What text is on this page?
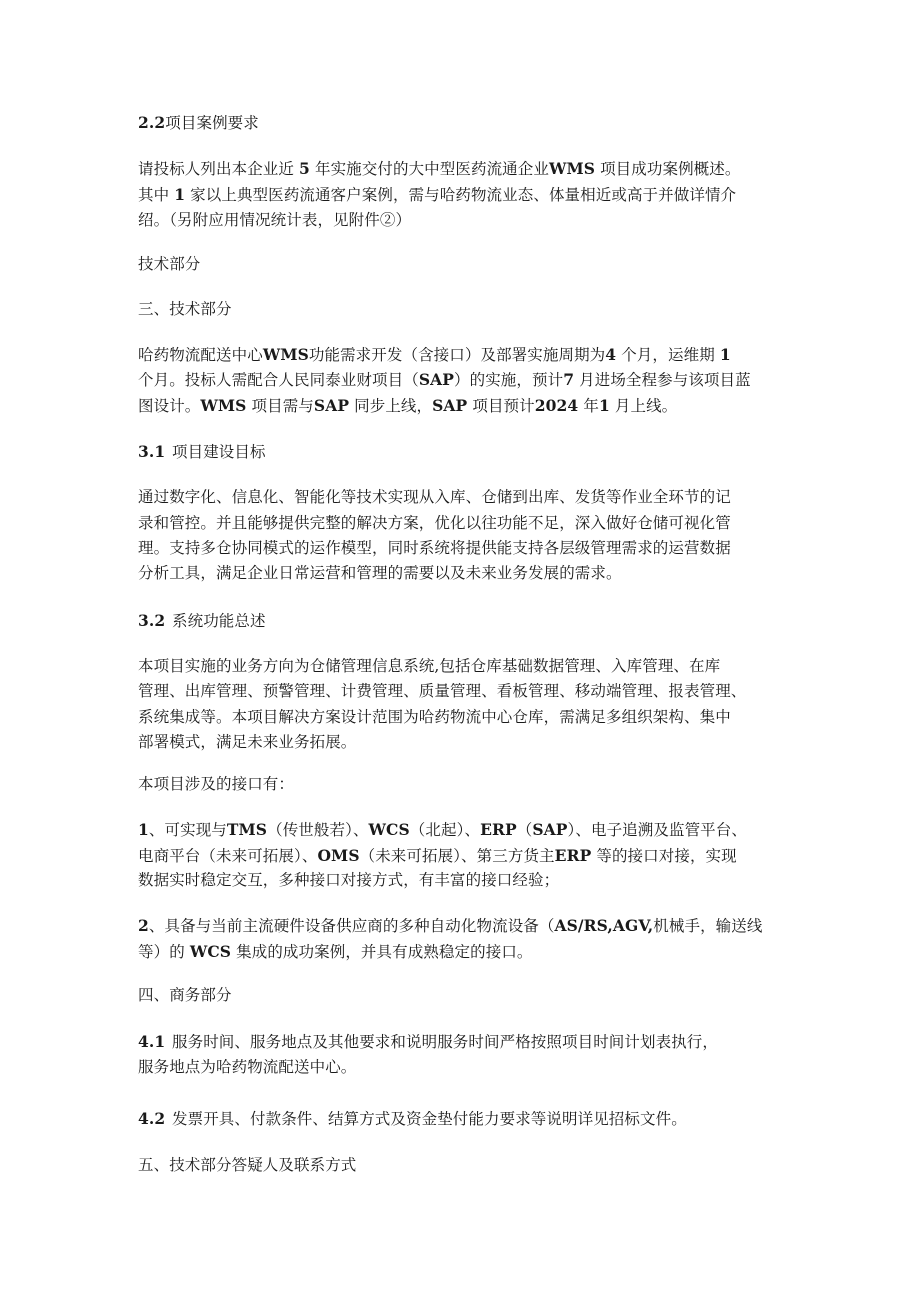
2.2项目案例要求

请投标人列出本企业近 5 年实施交付的大中型医药流通企业WMS 项目成功案例概述。

其中 1 家以上典型医药流通客户案例，需与哈药物流业态、体量相近或高于并做详情介

绍。（另附应用情况统计表，见附件②）

技术部分

三、技术部分

哈药物流配送中心WMS功能需求开发（含接口）及部署实施周期为4 个月，运维期 1

个月。投标人需配合人民同泰业财项目（SAP）的实施，预计7 月进场全程参与该项目蓝

图设计。WMS 项目需与SAP 同步上线，SAP 项目预计2024 年1 月上线。

3.1 项目建设目标

通过数字化、信息化、智能化等技术实现从入库、仓储到出库、发货等作业全环节的记

录和管控。并且能够提供完整的解决方案，优化以往功能不足，深入做好仓储可视化管

理。支持多仓协同模式的运作模型，同时系统将提供能支持各层级管理需求的运营数据

分析工具，满足企业日常运营和管理的需要以及未来业务发展的需求。

3.2 系统功能总述

本项目实施的业务方向为仓储管理信息系统,包括仓库基础数据管理、入库管理、在库

管理、出库管理、预警管理、计费管理、质量管理、看板管理、移动端管理、报表管理、

系统集成等。本项目解决方案设计范围为哈药物流中心仓库，需满足多组织架构、集中

部署模式，满足未来业务拓展。

本项目涉及的接口有：

1、可实现与TMS（传世般若）、WCS（北起）、ERP（SAP）、电子追溯及监管平台、

电商平台（未来可拓展）、OMS（未来可拓展）、第三方货主ERP 等的接口对接，实现

数据实时稳定交互，多种接口对接方式，有丰富的接口经验；

2、具备与当前主流硬件设备供应商的多种自动化物流设备（AS/RS,AGV,机械手，输送线

等）的 WCS 集成的成功案例，并具有成熟稳定的接口。

四、商务部分

4.1 服务时间、服务地点及其他要求和说明服务时间严格按照项目时间计划表执行，

服务地点为哈药物流配送中心。

4.2 发票开具、付款条件、结算方式及资金垫付能力要求等说明详见招标文件。

五、技术部分答疑人及联系方式
